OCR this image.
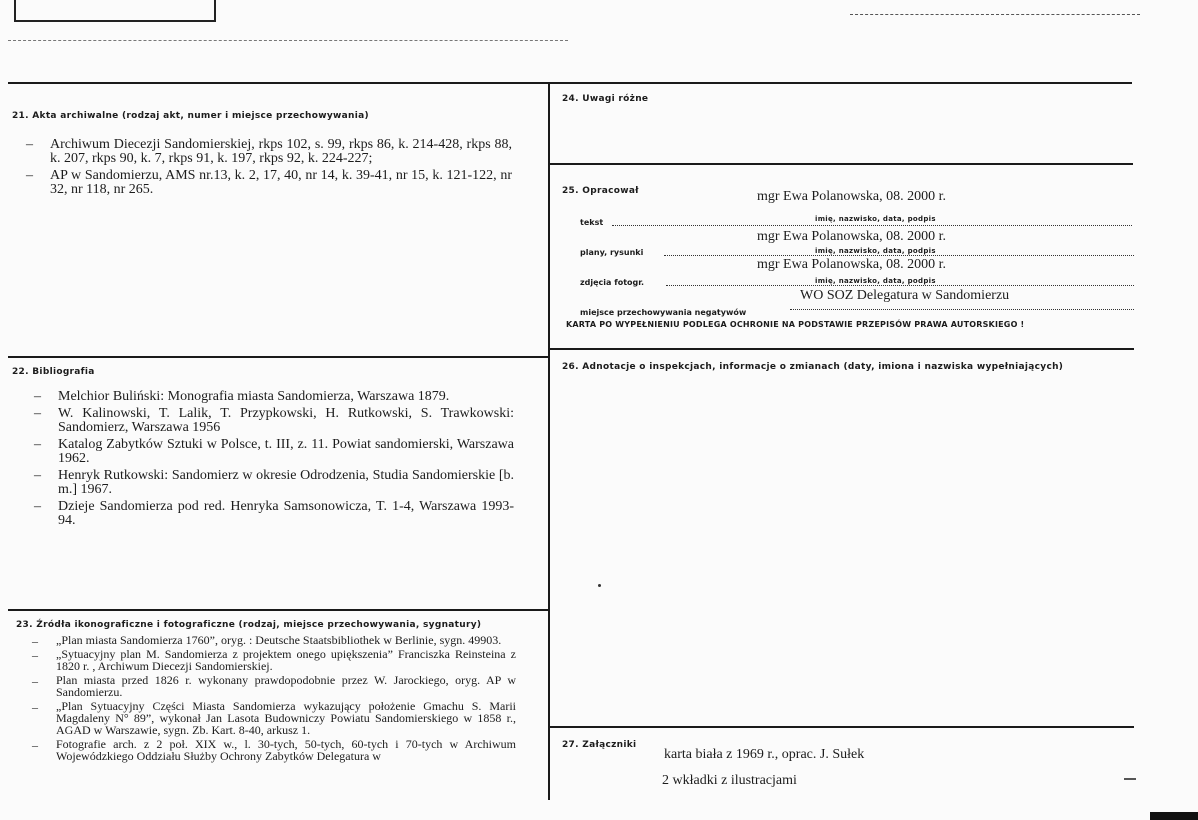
21. Akta archiwalne (rodzaj akt, numer i miejsce przechowywania)
– Archiwum Diecezji Sandomierskiej, rkps 102, s. 99, rkps 86, k. 214-428, rkps 88, k. 207, rkps 90, k. 7, rkps 91, k. 197, rkps 92, k. 224-227;
– AP w Sandomierzu, AMS nr.13, k. 2, 17, 40, nr 14, k. 39-41, nr 15, k. 121-122, nr 32, nr 118, nr 265.
22. Bibliografia
– Melchior Buliński: Monografia miasta Sandomierza, Warszawa 1879.
– W. Kalinowski, T. Lalik, T. Przypkowski, H. Rutkowski, S. Trawkowski: Sandomierz, Warszawa 1956
– Katalog Zabytków Sztuki w Polsce, t. III, z. 11. Powiat sandomierski, Warszawa 1962.
– Henryk Rutkowski: Sandomierz w okresie Odrodzenia, Studia Sandomierskie [b. m.] 1967.
– Dzieje Sandomierza pod red. Henryka Samsonowicza, T. 1-4, Warszawa 1993-94.
23. Źródła ikonograficzne i fotograficzne (rodzaj, miejsce przechowywania, sygnatury)
– „Plan miasta Sandomierza 1760”, oryg. : Deutsche Staatsbibliothek w Berlinie, sygn. 49903.
– „Sytuacyjny plan M. Sandomierza z projektem onego upiększenia” Franciszka Reinsteina z 1820 r. , Archiwum Diecezji Sandomierskiej.
– Plan miasta przed 1826 r. wykonany prawdopodobnie przez W. Jarockiego, oryg. AP w Sandomierzu.
– „Plan Sytuacyjny Części Miasta Sandomierza wykazujący położenie Gmachu S. Marii Magdaleny N° 89”, wykonał Jan Lasota Budowniczy Powiatu Sandomierskiego w 1858 r., AGAD w Warszawie, sygn. Zb. Kart. 8-40, arkusz 1.
– Fotografie arch. z 2 poł. XIX w., l. 30-tych, 50-tych, 60-tych i 70-tych w Archiwum Wojewódzkiego Oddziału Służby Ochrony Zabytków Delegatura w
24. Uwagi różne
25. Opracował
tekst
mgr Ewa Polanowska, 08. 2000 r.
imię, nazwisko, data, podpis
plany, rysunki
mgr Ewa Polanowska, 08. 2000 r.
imię, nazwisko, data, podpis
zdjęcia fotogr.
mgr Ewa Polanowska, 08. 2000 r.
imię, nazwisko, data, podpis
miejsce przechowywania negatywów
WO SOZ Delegatura w Sandomierzu
KARTA PO WYPEŁNIENIU PODLEGA OCHRONIE NA PODSTAWIE PRZEPISÓW PRAWA AUTORSKIEGO !
26. Adnotacje o inspekcjach, informacje o zmianach (daty, imiona i nazwiska wypełniających)
27. Załączniki
karta biała z 1969 r., oprac. J. Sułek
2 wkładki z ilustracjami
